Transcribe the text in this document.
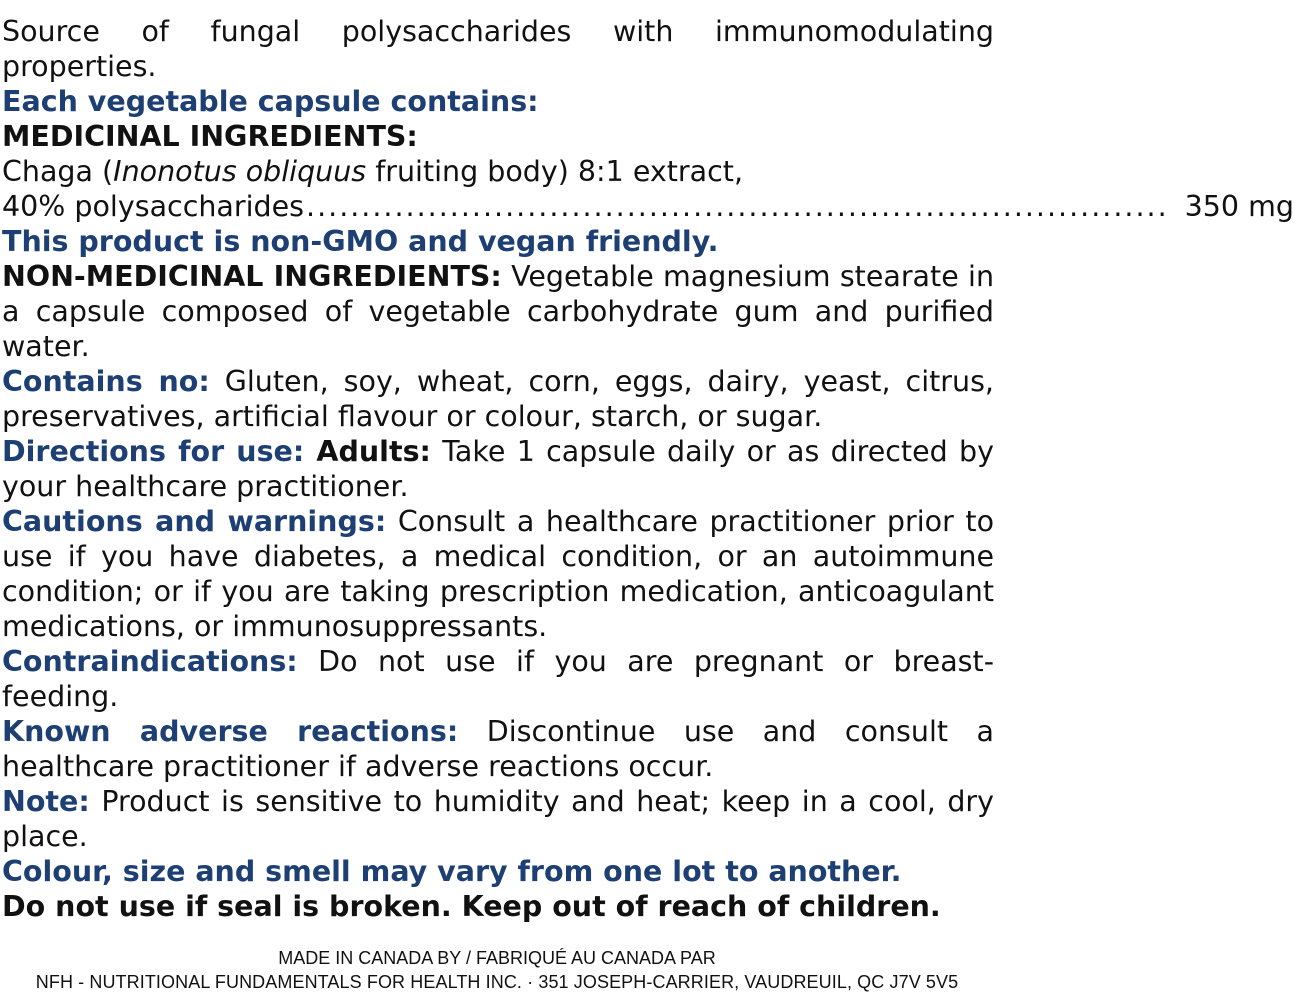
Source of fungal polysaccharides with immunomodulating properties.

Each vegetable capsule contains:

MEDICINAL INGREDIENTS:

Chaga (Inonotus obliquus fruiting body) 8:1 extract,

40% polysaccharides .............................................................................. 350 mg

This product is non-GMO and vegan friendly.

NON-MEDICINAL INGREDIENTS: Vegetable magnesium stearate in a capsule composed of vegetable carbohydrate gum and purified water.

Contains no: Gluten, soy, wheat, corn, eggs, dairy, yeast, citrus, preservatives, artificial flavour or colour, starch, or sugar.

Directions for use: Adults: Take 1 capsule daily or as directed by your healthcare practitioner.

Cautions and warnings: Consult a healthcare practitioner prior to use if you have diabetes, a medical condition, or an autoimmune condition; or if you are taking prescription medication, anticoagulant medications, or immunosuppressants.

Contraindications: Do not use if you are pregnant or breast-feeding.

Known adverse reactions: Discontinue use and consult a healthcare practitioner if adverse reactions occur.

Note: Product is sensitive to humidity and heat; keep in a cool, dry place.

Colour, size and smell may vary from one lot to another.

Do not use if seal is broken. Keep out of reach of children.

MADE IN CANADA BY / FABRIQUÉ AU CANADA PAR
NFH - NUTRITIONAL FUNDAMENTALS FOR HEALTH INC. · 351 JOSEPH-CARRIER, VAUDREUIL, QC J7V 5V5
